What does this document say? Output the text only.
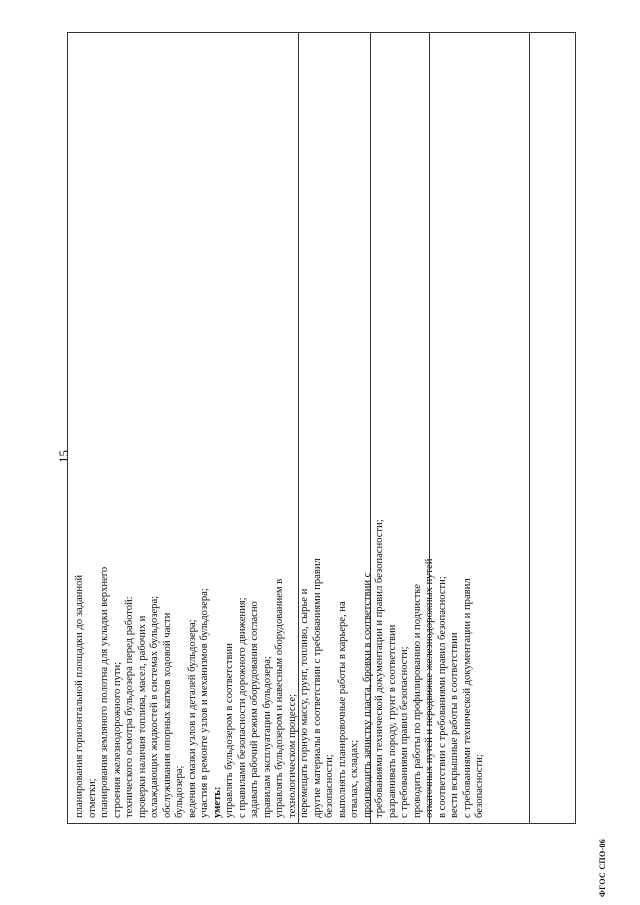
15
планирования горизонтальной площадки до заданной отметки; планирования земляного полотна для укладки верхнего строения железнодорожного пути; технического осмотра бульдозера перед работой: проверки наличия топлива, масел, рабочих и охлаждающих жидкостей в системах бульдозера; обслуживания опорных катков ходовой части бульдозера; ведения смазки узлов и деталей бульдозера; участия в ремонте узлов и механизмов бульдозера; уметь: управлять бульдозером в соответствии с правилами безопасности дорожного движения; задавать рабочий режим оборудования согласно правилам эксплуатации бульдозера; управлять бульдозером и навесным оборудованием в технологическом процессе; перемещать горную массу, грунт, топливо, сырье и другие материалы в соответствии с требованиями правил безопасности; выполнять планировочные работы в карьере, на отвалах, складах; производить зачистку пласта, бровки в соответствии с требованиями технической документации и правил безопасности; разравнивать породу, грунт в соответствии с требованиями правил безопасности; проводить работы по профилированию и подчистке откаточных путей и передвижке железнодорожных путей в соответствии с требованиями правил безопасности; вести вскрышные работы в соответствии с требованиями технической документации и правил безопасности;
ФГОС СПО-06
